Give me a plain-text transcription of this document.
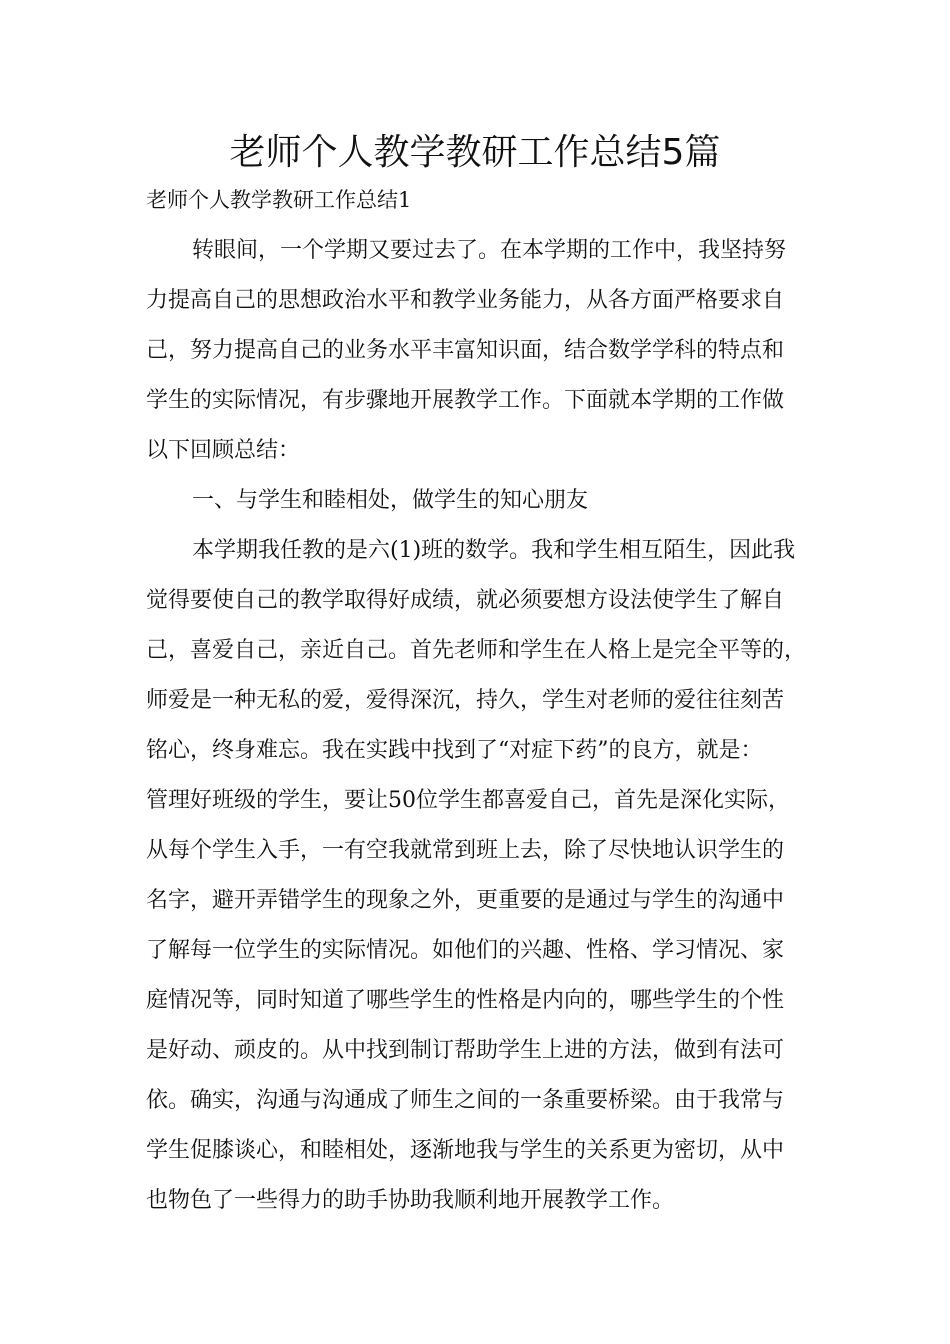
老师个人教学教研工作总结5篇

老师个人教学教研工作总结1

转眼间，一个学期又要过去了。在本学期的工作中，我坚持努

力提高自己的思想政治水平和教学业务能力，从各方面严格要求自

己，努力提高自己的业务水平丰富知识面，结合数学学科的特点和

学生的实际情况，有步骤地开展教学工作。下面就本学期的工作做

以下回顾总结：

一、与学生和睦相处，做学生的知心朋友

本学期我任教的是六(1)班的数学。我和学生相互陌生，因此我

觉得要使自己的教学取得好成绩，就必须要想方设法使学生了解自

己，喜爱自己，亲近自己。首先老师和学生在人格上是完全平等的，

师爱是一种无私的爱，爱得深沉，持久，学生对老师的爱往往刻苦

铭心，终身难忘。我在实践中找到了“对症下药”的良方，就是：

管理好班级的学生，要让50位学生都喜爱自己，首先是深化实际，

从每个学生入手，一有空我就常到班上去，除了尽快地认识学生的

名字，避开弄错学生的现象之外，更重要的是通过与学生的沟通中

了解每一位学生的实际情况。如他们的兴趣、性格、学习情况、家

庭情况等，同时知道了哪些学生的性格是内向的，哪些学生的个性

是好动、顽皮的。从中找到制订帮助学生上进的方法，做到有法可

依。确实，沟通与沟通成了师生之间的一条重要桥梁。由于我常与

学生促膝谈心，和睦相处，逐渐地我与学生的关系更为密切，从中

也物色了一些得力的助手协助我顺利地开展教学工作。
